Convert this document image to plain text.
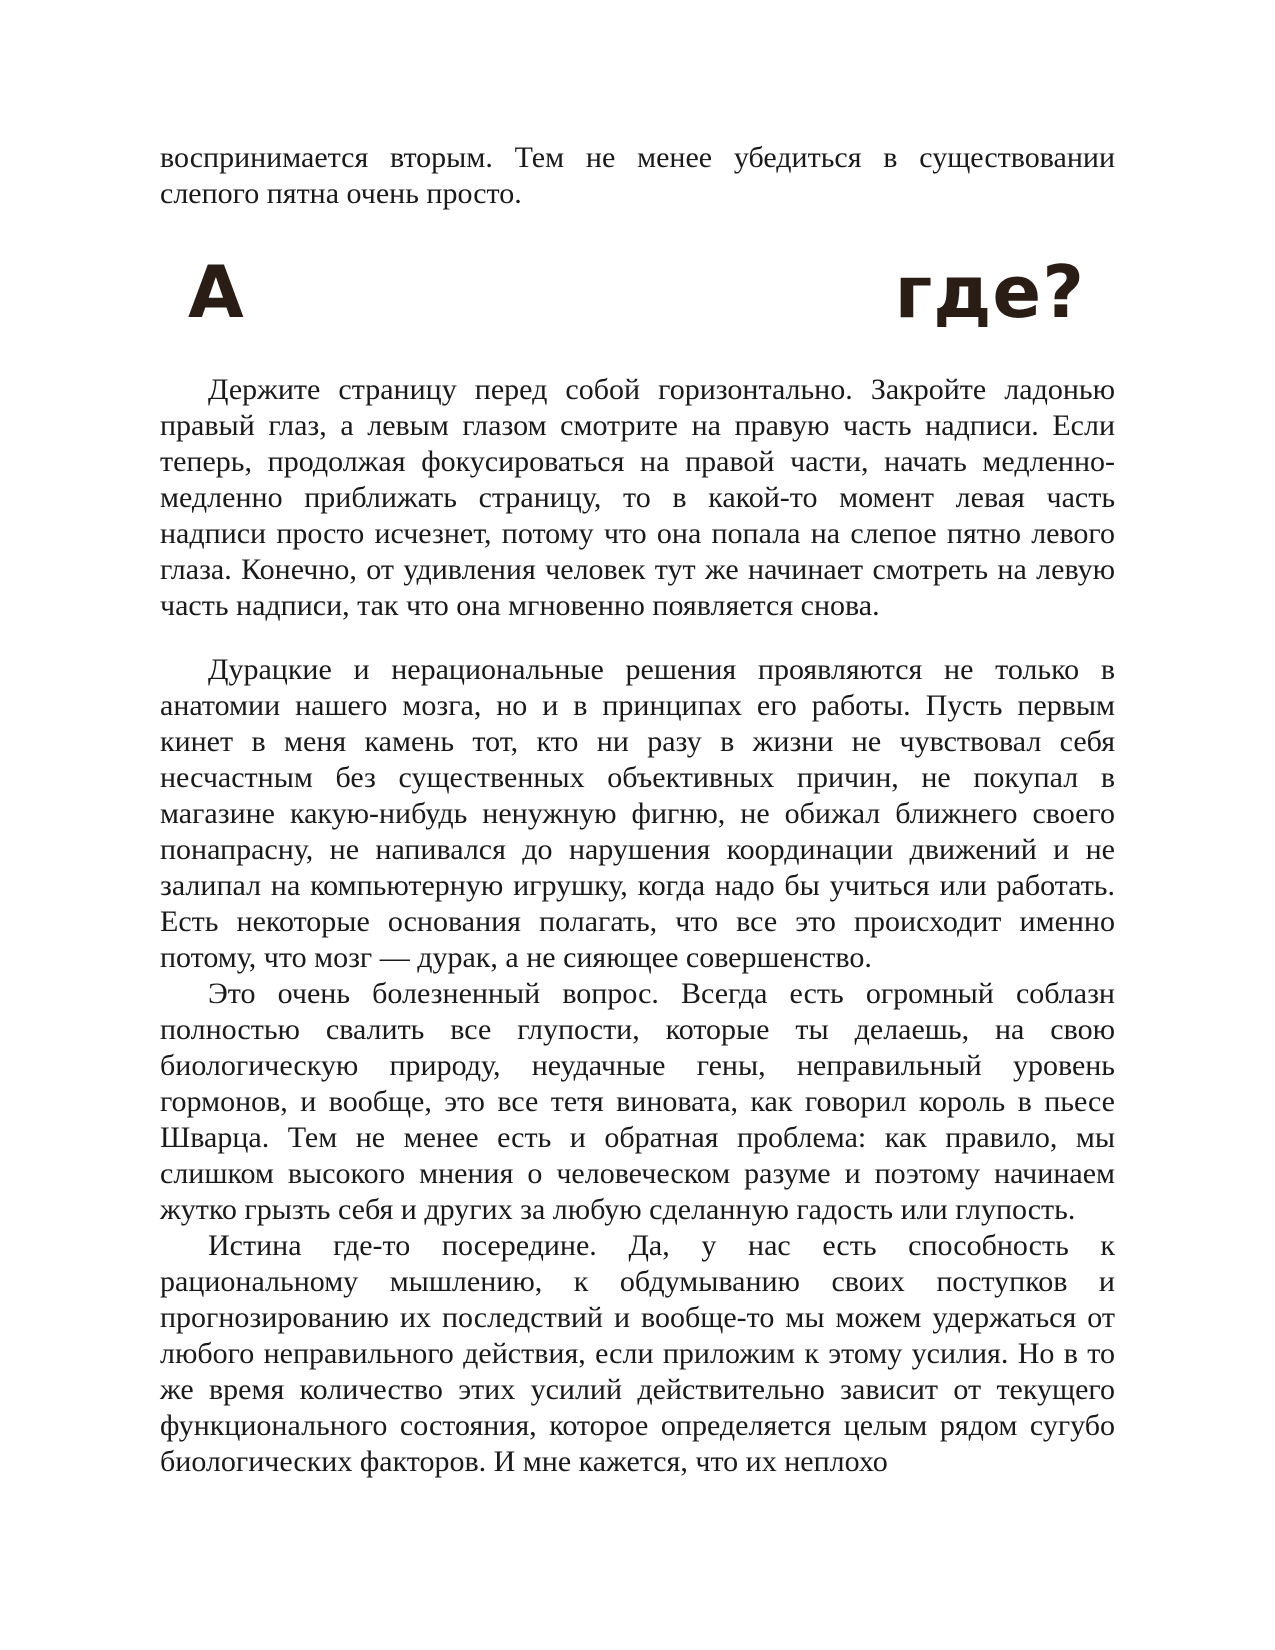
воспринимается вторым. Тем не менее убедиться в существовании слепого пятна очень просто.

А	где?

Держите страницу перед собой горизонтально. Закройте ладонью правый глаз, а левым глазом смотрите на правую часть надписи. Если теперь, продолжая фокусироваться на правой части, начать медленно-медленно приближать страницу, то в какой-то момент левая часть надписи просто исчезнет, потому что она попала на слепое пятно левого глаза. Конечно, от удивления человек тут же начинает смотреть на левую часть надписи, так что она мгновенно появляется снова.

Дурацкие и нерациональные решения проявляются не только в анатомии нашего мозга, но и в принципах его работы. Пусть первым кинет в меня камень тот, кто ни разу в жизни не чувствовал себя несчастным без существенных объективных причин, не покупал в магазине какую-нибудь ненужную фигню, не обижал ближнего своего понапрасну, не напивался до нарушения координации движений и не залипал на компьютерную игрушку, когда надо бы учиться или работать. Есть некоторые основания полагать, что все это происходит именно потому, что мозг — дурак, а не сияющее совершенство.

Это очень болезненный вопрос. Всегда есть огромный соблазн полностью свалить все глупости, которые ты делаешь, на свою биологическую природу, неудачные гены, неправильный уровень гормонов, и вообще, это все тетя виновата, как говорил король в пьесе Шварца. Тем не менее есть и обратная проблема: как правило, мы слишком высокого мнения о человеческом разуме и поэтому начинаем жутко грызть себя и других за любую сделанную гадость или глупость.

Истина где-то посередине. Да, у нас есть способность к рациональному мышлению, к обдумыванию своих поступков и прогнозированию их последствий и вообще-то мы можем удержаться от любого неправильного действия, если приложим к этому усилия. Но в то же время количество этих усилий действительно зависит от текущего функционального состояния, которое определяется целым рядом сугубо биологических факторов. И мне кажется, что их неплохо
